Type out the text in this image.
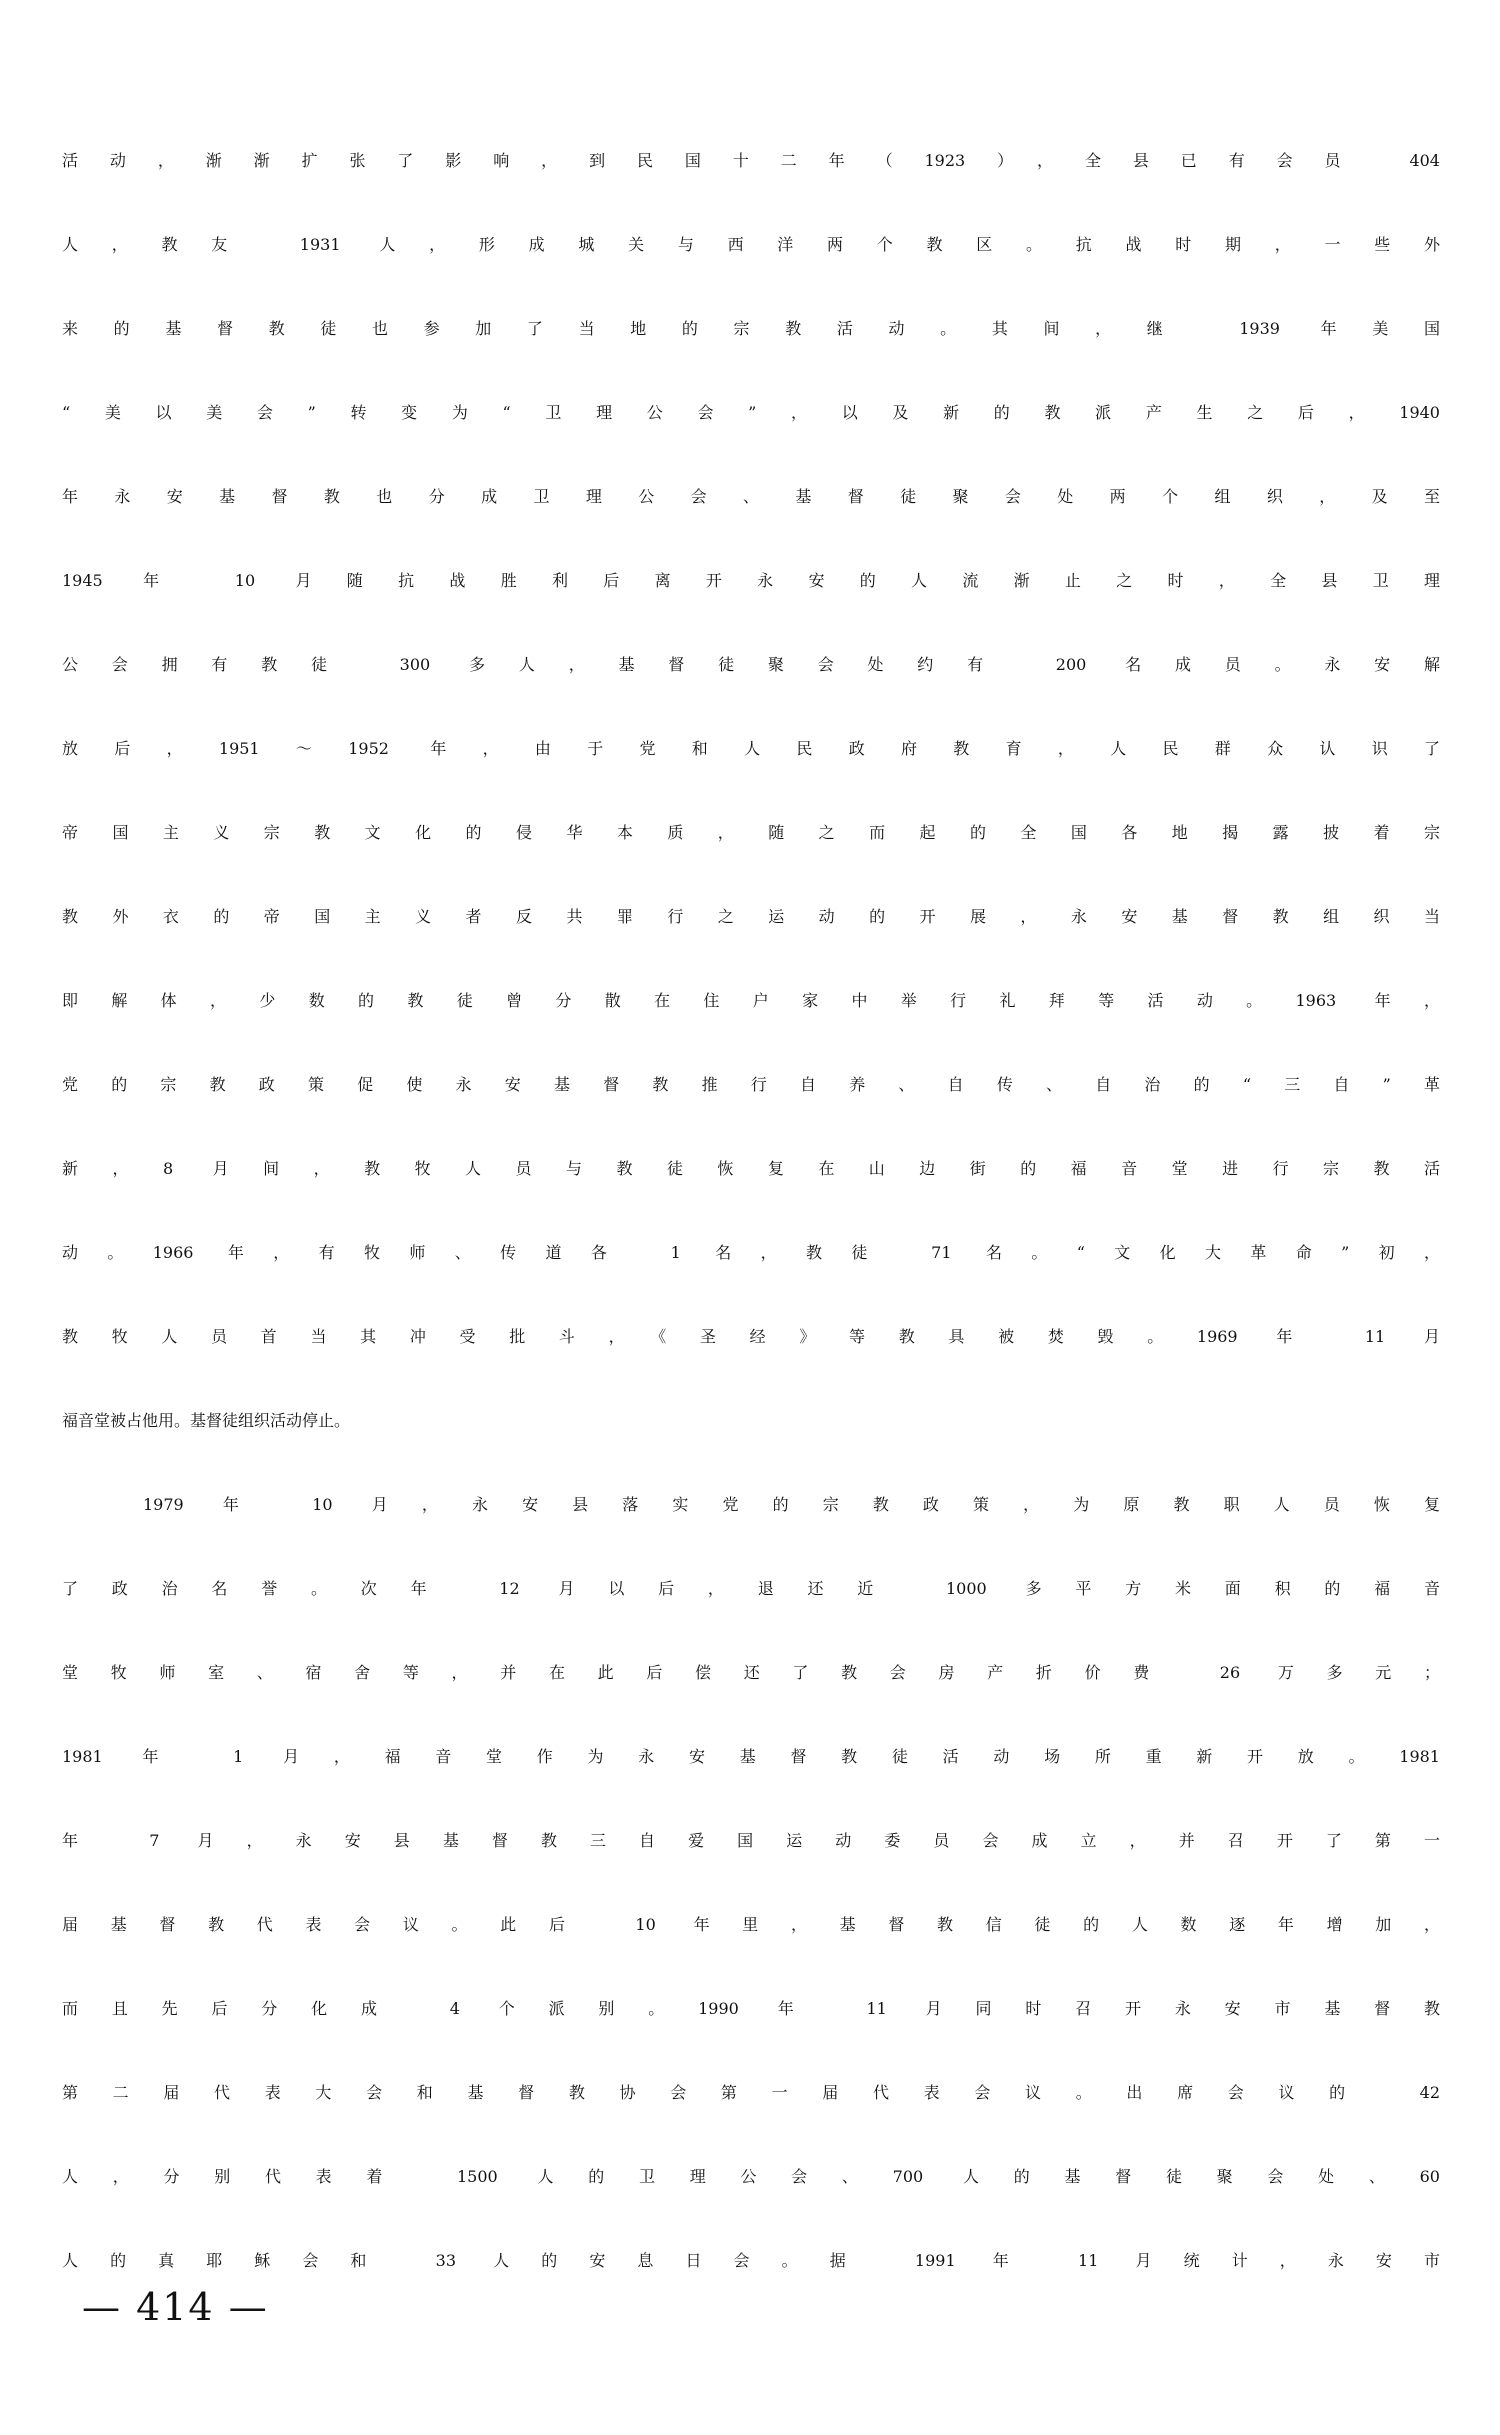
活动，渐渐扩张了影响，到民国十二年（1923），全县已有会员 404
人，教友 1931 人，形成城关与西洋两个教区。抗战时期，一些外
来的基督教徒也参加了当地的宗教活动。其间，继 1939 年美国
“美以美会”转变为“卫理公会”，以及新的教派产生之后，1940
年永安基督教也分成卫理公会、基督徒聚会处两个组织，及至
1945 年 10 月随抗战胜利后离开永安的人流渐止之时，全县卫理
公会拥有教徒 300 多人，基督徒聚会处约有 200 名成员。永安解
放后，1951～1952 年，由于党和人民政府教育，人民群众认识了
帝国主义宗教文化的侵华本质，随之而起的全国各地揭露披着宗
教外衣的帝国主义者反共罪行之运动的开展，永安基督教组织当
即解体，少数的教徒曾分散在住户家中举行礼拜等活动。1963 年，
党的宗教政策促使永安基督教推行自养、自传、自治的“三自”革
新，8 月间，教牧人员与教徒恢复在山边街的福音堂进行宗教活
动。1966 年，有牧师、传道各 1 名，教徒 71 名。“文化大革命”初，
教牧人员首当其冲受批斗，《圣经》等教具被焚毁。1969 年 11 月
福音堂被占他用。基督徒组织活动停止。
1979 年 10 月，永安县落实党的宗教政策，为原教职人员恢复
了政治名誉。次年 12 月以后，退还近 1000 多平方米面积的福音
堂牧师室、宿舍等，并在此后偿还了教会房产折价费 26 万多元；
1981 年 1 月，福音堂作为永安基督教徒活动场所重新开放。1981
年 7 月，永安县基督教三自爱国运动委员会成立，并召开了第一
届基督教代表会议。此后 10 年里，基督教信徒的人数逐年增加，
而且先后分化成 4 个派别。1990 年 11 月同时召开永安市基督教
第二届代表大会和基督教协会第一届代表会议。出席会议的 42
人，分别代表着 1500 人的卫理公会、700 人的基督徒聚会处、60
人的真耶稣会和 33 人的安息日会。据 1991 年 11 月统计，永安市
— 414 —
